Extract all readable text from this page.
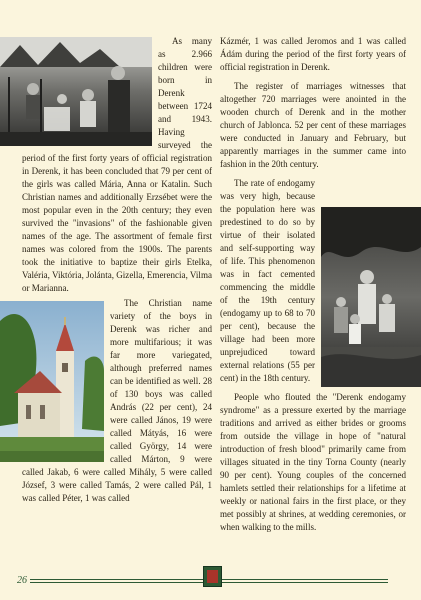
As many as 2.966 children were born in Derenk between 1724 and 1943. Having surveyed the period of the first forty years of official registration in Derenk, it has been concluded that 79 per cent of the girls was called Mária, Anna or Katalin. Such Christian names and additionally Erzsébet were the most popular even in the 20th century; they even survived the "invasions" of the fashionable given names of the age. The assortment of female first names was colored from the 1900s. The parents took the initiative to baptize their girls Etelka, Valéria, Viktória, Jolánta, Gizella, Emerencia, Vilma or Marianna.

The Christian name variety of the boys in Derenk was richer and more multifarious; it was far more variegated, although preferred names can be identified as well. 28 of 130 boys was called András (22 per cent), 24 were called János, 19 were called Mátyás, 16 were called György, 14 were called Márton, 9 were called Jakab, 6 were called Mihály, 5 were called József, 3 were called Tamás, 2 were called Pál, 1 was called Péter, 1 was called

Kázmér, 1 was called Jeromos and 1 was called Ádám during the period of the first forty years of official registration in Derenk.

The register of marriages witnesses that altogether 720 marriages were anointed in the wooden church of Derenk and in the mother church of Jablonca. 52 per cent of these marriages were conducted in January and February, but apparently marriages in the summer came into fashion in the 20th century.

The rate of endogamy was very high, because the population here was predestined to do so by virtue of their isolated and self-supporting way of life. This phenomenon was in fact cemented commencing the middle of the 19th century (endogamy up to 68 to 70 per cent), because the village had been more unprejudiced toward external relations (55 per cent) in the 18th century.

People who flouted the "Derenk endogamy syndrome" as a pressure exerted by the marriage traditions and arrived as either brides or grooms from outside the village in hope of "natural introduction of fresh blood" primarily came from villages situated in the tiny Torna County (nearly 90 per cent). Young couples of the concerned hamlets settled their relationships for a lifetime at weekly or national fairs in the first place, or they met possibly at shrines, at wedding ceremonies, or when walking to the mills.

26
